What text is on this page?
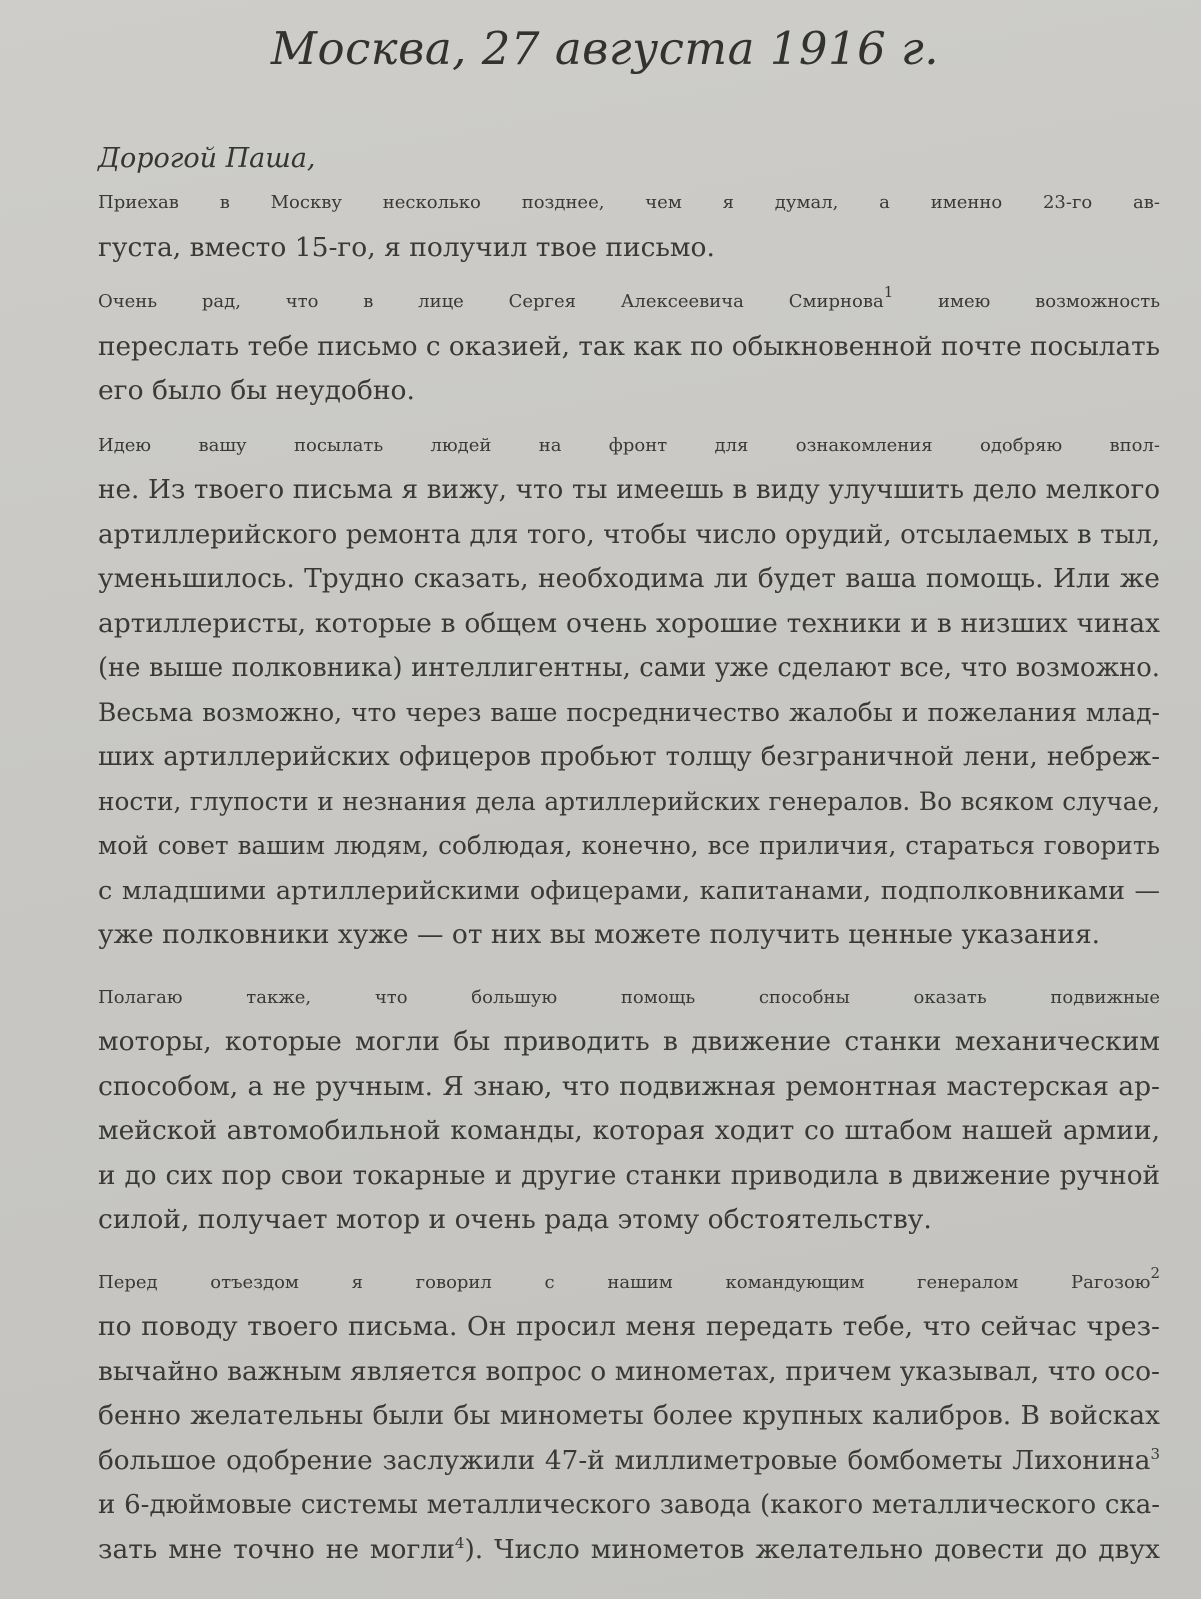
Москва, 27 августа 1916 г.
Дорогой Паша,
Приехав в Москву несколько позднее, чем я думал, а именно 23-го ав-
густа, вместо 15-го, я получил твое письмо.
Очень рад, что в лице Сергея Алексеевича Смирнова$^1$ имею возможность
переслать тебе письмо с оказией, так как по обыкновенной почте посылать
его было бы неудобно.
Идею вашу посылать людей на фронт для ознакомления одобряю впол-
не. Из твоего письма я вижу, что ты имеешь в виду улучшить дело мелкого
артиллерийского ремонта для того, чтобы число орудий, отсылаемых в тыл,
уменьшилось. Трудно сказать, необходима ли будет ваша помощь. Или же
артиллеристы, которые в общем очень хорошие техники и в низших чинах
(не выше полковника) интеллигентны, сами уже сделают все, что возможно.
Весьма возможно, что через ваше посредничество жалобы и пожелания млад-
ших артиллерийских офицеров пробьют толщу безграничной лени, небреж-
ности, глупости и незнания дела артиллерийских генералов. Во всяком случае,
мой совет вашим людям, соблюдая, конечно, все приличия, стараться говорить
с младшими артиллерийскими офицерами, капитанами, подполковниками —
уже полковники хуже — от них вы можете получить ценные указания.
Полагаю также, что большую помощь способны оказать подвижные
моторы, которые могли бы приводить в движение станки механическим
способом, а не ручным. Я знаю, что подвижная ремонтная мастерская ар-
мейской автомобильной команды, которая ходит со штабом нашей армии,
и до сих пор свои токарные и другие станки приводила в движение ручной
силой, получает мотор и очень рада этому обстоятельству.
Перед отъездом я говорил с нашим командующим генералом Рагозою$^2$
по поводу твоего письма. Он просил меня передать тебе, что сейчас чрез-
вычайно важным является вопрос о минометах, причем указывал, что осо-
бенно желательны были бы минометы более крупных калибров. В войсках
большое одобрение заслужили 47-й миллиметровые бомбометы Лихонина$^3$
и 6-дюймовые системы металлического завода (какого металлического ска-
зать мне точно не могли$^4$). Число минометов желательно довести до двух
